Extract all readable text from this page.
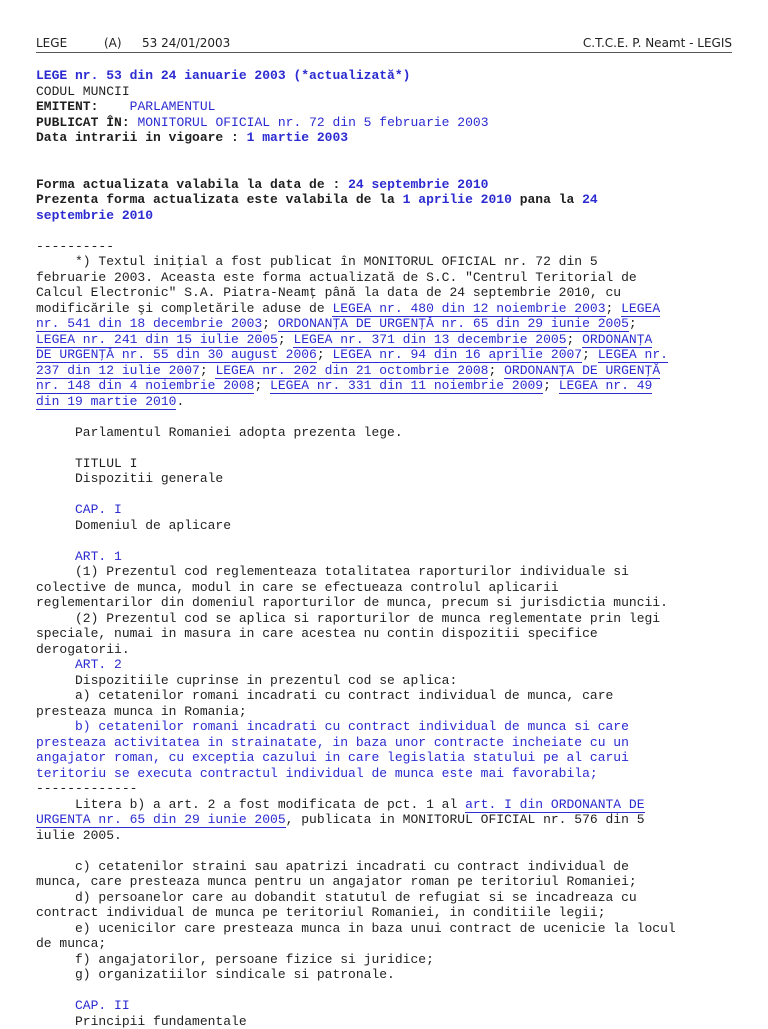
LEGE	(A) 53 24/01/2003	C.T.C.E. P. Neamt - LEGIS
LEGE nr. 53 din 24 ianuarie 2003 (*actualizată*)
CODUL MUNCII
EMITENT: PARLAMENTUL
PUBLICAT ÎN: MONITORUL OFICIAL nr. 72 din 5 februarie 2003
Data intrarii in vigoare : 1 martie 2003
Forma actualizata valabila la data de : 24 septembrie 2010
Prezenta forma actualizata este valabila de la 1 aprilie 2010 pana la 24
septembrie 2010
----------
*) Textul iniţial a fost publicat în MONITORUL OFICIAL nr. 72 din 5
februarie 2003. Aceasta este forma actualizată de S.C. "Centrul Teritorial de
Calcul Electronic" S.A. Piatra-Neamţ până la data de 24 septembrie 2010, cu
modificările şi completările aduse de LEGEA nr. 480 din 12 noiembrie 2003; LEGEA
nr. 541 din 18 decembrie 2003; ORDONANŢA DE URGENŢĂ nr. 65 din 29 iunie 2005;
LEGEA nr. 241 din 15 iulie 2005; LEGEA nr. 371 din 13 decembrie 2005; ORDONANŢA
DE URGENŢĂ nr. 55 din 30 august 2006; LEGEA nr. 94 din 16 aprilie 2007; LEGEA nr.
237 din 12 iulie 2007; LEGEA nr. 202 din 21 octombrie 2008; ORDONANŢA DE URGENŢĂ
nr. 148 din 4 noiembrie 2008; LEGEA nr. 331 din 11 noiembrie 2009; LEGEA nr. 49
din 19 martie 2010.
Parlamentul Romaniei adopta prezenta lege.
TITLUL I
Dispozitii generale
CAP. I
Domeniul de aplicare
ART. 1
(1) Prezentul cod reglementeaza totalitatea raporturilor individuale si
colective de munca, modul in care se efectueaza controlul aplicarii
reglementarilor din domeniul raporturilor de munca, precum si jurisdictia muncii.
(2) Prezentul cod se aplica si raporturilor de munca reglementate prin legi
speciale, numai in masura in care acestea nu contin dispozitii specifice
derogatorii.
ART. 2
Dispozitiile cuprinse in prezentul cod se aplica:
a) cetatenilor romani incadrati cu contract individual de munca, care
presteaza munca in Romania;
b) cetatenilor romani incadrati cu contract individual de munca si care
presteaza activitatea in strainatate, in baza unor contracte incheiate cu un
angajator roman, cu exceptia cazului in care legislatia statului pe al carui
teritoriu se executa contractul individual de munca este mai favorabila;
-------------
Litera b) a art. 2 a fost modificata de pct. 1 al art. I din ORDONANTA DE
URGENTA nr. 65 din 29 iunie 2005, publicata in MONITORUL OFICIAL nr. 576 din 5
iulie 2005.
c) cetatenilor straini sau apatrizi incadrati cu contract individual de
munca, care presteaza munca pentru un angajator roman pe teritoriul Romaniei;
d) persoanelor care au dobandit statutul de refugiat si se incadreaza cu
contract individual de munca pe teritoriul Romaniei, in conditiile legii;
e) ucenicilor care presteaza munca in baza unui contract de ucenicie la locul
de munca;
f) angajatorilor, persoane fizice si juridice;
g) organizatiilor sindicale si patronale.
CAP. II
Principii fundamentale
